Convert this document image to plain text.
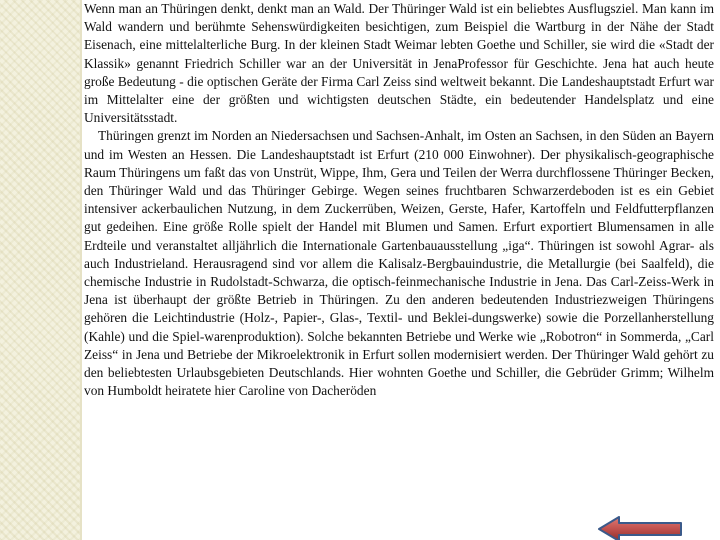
Wenn man an Thüringen denkt, denkt man an Wald. Der Thüringer Wald ist ein beliebtes Ausflugsziel. Man kann im Wald wandern und berühmte Sehenswürdigkeiten besichtigen, zum Beispiel die Wartburg in der Nähe der Stadt Eisenach, eine mittelalterliche Burg. In der kleinen Stadt Weimar lebten Goethe und Schiller, sie wird die «Stadt der Klassik» genannt Friedrich Schiller war an der Universität in JenaProfessor für Geschichte. Jena hat auch heute große Bedeutung - die optischen Geräte der Firma Carl Zeiss sind weltweit bekannt. Die Landeshauptstadt Erfurt war im Mittelalter eine der größten und wichtigsten deutschen Städte, ein bedeutender Handelsplatz und eine Universitätsstadt.

Thüringen grenzt im Norden an Niedersachsen und Sachsen-Anhalt, im Osten an Sachsen, in den Süden an Bayern und im Westen an Hessen. Die Landeshauptstadt ist Erfurt (210 000 Einwohner). Der physikalisch-geographische Raum Thüringens um faßt das von Unstrüt, Wippe, Ihm, Gera und Teilen der Werra durchflossene Thüringer Becken, den Thüringer Wald und das Thüringer Gebirge. Wegen seines fruchtbaren Schwarzerdeboden ist es ein Gebiet intensiver ackerbaulichen Nutzung, in dem Zuckerrüben, Weizen, Gerste, Hafer, Kartoffeln und Feldfutterpflanzen gut gedeihen. Eine größe Rolle spielt der Handel mit Blumen und Samen. Erfurt exportiert Blumensamen in alle Erdteile und veranstaltet alljährlich die Internationale Gartenbauausstellung „iga“. Thüringen ist sowohl Agrar- als auch Industrieland. Herausragend sind vor allem die Kalisalz-Bergbauindustrie, die Metallurgie (bei Saalfeld), die chemische Industrie in Rudolstadt-Schwarza, die optisch-feinmechanische Industrie in Jena. Das Carl-Zeiss-Werk in Jena ist überhaupt der größte Betrieb in Thüringen. Zu den anderen bedeutenden Industriezweigen Thüringens gehören die Leichtindustrie (Holz-, Papier-, Glas-, Textil- und Beklei-dungswerke) sowie die Porzellanherstellung (Kahle) und die Spiel-warenproduktion). Solche bekannten Betriebe und Werke wie „Robotron“ in Sommerda, „Carl Zeiss“ in Jena und Betriebe der Mikroelektronik in Erfurt sollen modernisiert werden. Der Thüringer Wald gehört zu den beliebtesten Urlaubsgebieten Deutschlands. Hier wohnten Goethe und Schiller, die Gebrüder Grimm; Wilhelm von Humboldt heiratete hier Caroline von Dacheröden
